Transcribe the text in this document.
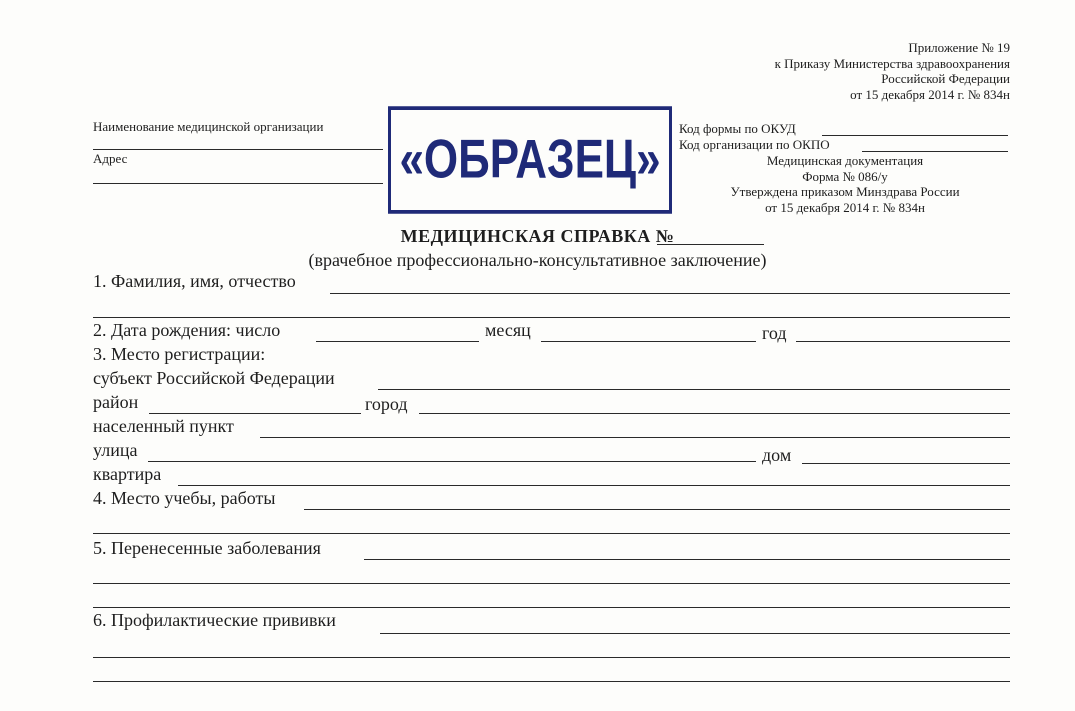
Приложение № 19
к Приказу Министерства здравоохранения
Российской Федерации
от 15 декабря 2014 г. № 834н
Наименование медицинской организации
Адрес	«ОБРАЗЕЦ»
Код формы по ОКУД
Код организации по ОКПО
Медицинская документация
Форма № 086/у
Утверждена приказом Минздрава России
от 15 декабря 2014 г. № 834н
МЕДИЦИНСКАЯ СПРАВКА №
(врачебное профессионально-консультативное заключение)
1. Фамилия, имя, отчество
2. Дата рождения: число	месяц	год
3. Место регистрации:
субъект Российской Федерации
район	город
населенный пункт
улица	дом
квартира
4. Место учебы, работы
5. Перенесенные заболевания
6. Профилактические прививки
